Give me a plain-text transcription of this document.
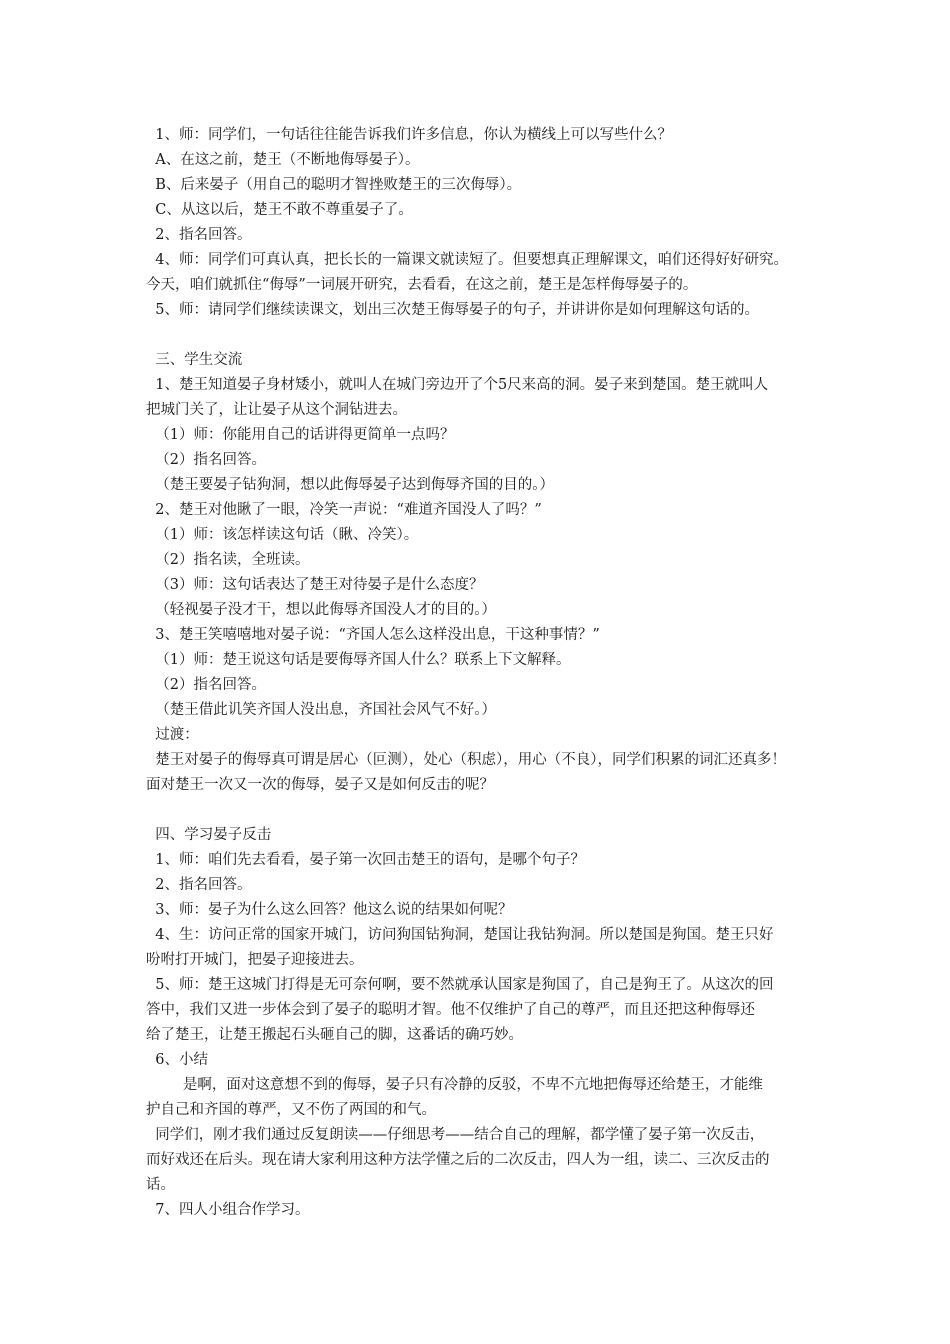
1、师：同学们，一句话往往能告诉我们许多信息，你认为横线上可以写些什么？
A、在这之前，楚王（不断地侮辱晏子）。
B、后来晏子（用自己的聪明才智挫败楚王的三次侮辱）。
C、从这以后，楚王不敢不尊重晏子了。
2、指名回答。
4、师：同学们可真认真，把长长的一篇课文就读短了。但要想真正理解课文，咱们还得好好研究。
今天，咱们就抓住“侮辱”一词展开研究，去看看，在这之前，楚王是怎样侮辱晏子的。
5、师：请同学们继续读课文，划出三次楚王侮辱晏子的句子，并讲讲你是如何理解这句话的。
三、学生交流
1、楚王知道晏子身材矮小，就叫人在城门旁边开了个5尺来高的洞。晏子来到楚国。楚王就叫人
把城门关了，让让晏子从这个洞钻进去。
（1）师：你能用自己的话讲得更简单一点吗？
（2）指名回答。
（楚王要晏子钻狗洞，想以此侮辱晏子达到侮辱齐国的目的。）
2、楚王对他瞅了一眼，冷笑一声说：“难道齐国没人了吗？”
（1）师：该怎样读这句话（瞅、冷笑）。
（2）指名读，全班读。
（3）师：这句话表达了楚王对待晏子是什么态度？
（轻视晏子没才干，想以此侮辱齐国没人才的目的。）
3、楚王笑嘻嘻地对晏子说：“齐国人怎么这样没出息，干这种事情？”
（1）师：楚王说这句话是要侮辱齐国人什么？联系上下文解释。
（2）指名回答。
（楚王借此讥笑齐国人没出息，齐国社会风气不好。）
过渡：
楚王对晏子的侮辱真可谓是居心（叵测），处心（积虑），用心（不良），同学们积累的词汇还真多！
面对楚王一次又一次的侮辱，晏子又是如何反击的呢？
四、学习晏子反击
1、师：咱们先去看看，晏子第一次回击楚王的语句，是哪个句子？
2、指名回答。
3、师：晏子为什么这么回答？他这么说的结果如何呢？
4、生：访问正常的国家开城门，访问狗国钻狗洞，楚国让我钻狗洞。所以楚国是狗国。楚王只好
吩咐打开城门，把晏子迎接进去。
5、师：楚王这城门打得是无可奈何啊，要不然就承认国家是狗国了，自己是狗王了。从这次的回
答中，我们又进一步体会到了晏子的聪明才智。他不仅维护了自己的尊严，而且还把这种侮辱还
给了楚王，让楚王搬起石头砸自己的脚，这番话的确巧妙。
6、小结
是啊，面对这意想不到的侮辱，晏子只有冷静的反驳，不卑不亢地把侮辱还给楚王，才能维
护自己和齐国的尊严，又不伤了两国的和气。
同学们，刚才我们通过反复朗读——仔细思考——结合自己的理解，都学懂了晏子第一次反击，
而好戏还在后头。现在请大家利用这种方法学懂之后的二次反击，四人为一组，读二、三次反击的
话。
7、四人小组合作学习。
